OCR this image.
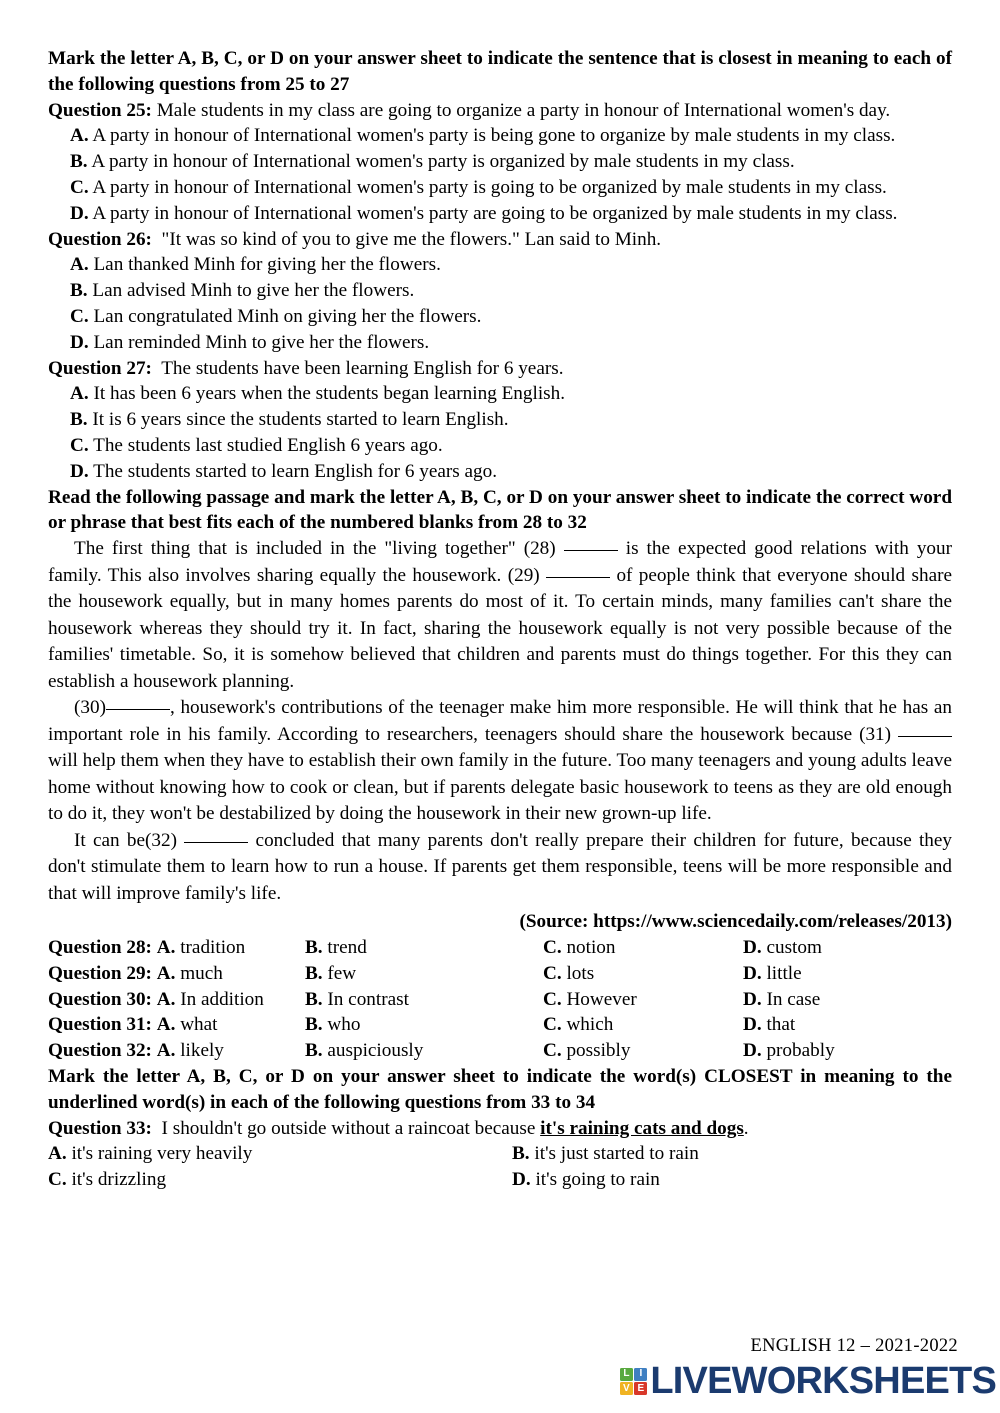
Mark the letter A, B, C, or D on your answer sheet to indicate the sentence that is closest in meaning to each of the following questions from 25 to 27

Question 25: Male students in my class are going to organize a party in honour of International women's day.

A. A party in honour of International women's party is being gone to organize by male students in my class.

B. A party in honour of International women's party is organized by male students in my class.

C. A party in honour of International women's party is going to be organized by male students in my class.

D. A party in honour of International women's party are going to be organized by male students in my class.

Question 26: "It was so kind of you to give me the flowers." Lan said to Minh.

A. Lan thanked Minh for giving her the flowers.

B. Lan advised Minh to give her the flowers.

C. Lan congratulated Minh on giving her the flowers.

D. Lan reminded Minh to give her the flowers.

Question 27: The students have been learning English for 6 years.

A. It has been 6 years when the students began learning English.

B. It is 6 years since the students started to learn English.

C. The students last studied English 6 years ago.

D. The students started to learn English for 6 years ago.

Read the following passage and mark the letter A, B, C, or D on your answer sheet to indicate the correct word or phrase that best fits each of the numbered blanks from 28 to 32

The first thing that is included in the "living together" (28)	is the expected good relations with your family. This also involves sharing equally the housework. (29)	of people think that everyone should share the housework equally, but in many homes parents do most of it. To certain minds, many families can't share the housework whereas they should try it. In fact, sharing the housework equally is not very possible because of the families' timetable. So, it is somehow believed that children and parents must do things together. For this they can establish a housework planning.

(30)	, housework's contributions of the teenager make him more responsible. He will think that he has an important role in his family. According to researchers, teenagers should share the housework because (31)  will help them when they have to establish their own family in the future. Too many teenagers and young adults leave home without knowing how to cook or clean, but if parents delegate basic housework to teens as they are old enough to do it, they won't be destabilized by doing the housework in their new grown-up life.

It can be(32)	concluded that many parents don't really prepare their children for future, because they don't stimulate them to learn how to run a house. If parents get them responsible, teens will be more responsible and that will improve family's life.

(Source: https://www.sciencedaily.com/releases/2013)

Question 28: A. tradition	B. trend	C. notion	D. custom
Question 29: A. much	B. few	C. lots	D. little
Question 30: A. In addition	B. In contrast	C. However	D. In case
Question 31: A. what	B. who	C. which	D. that
Question 32: A. likely	B. auspiciously	C. possibly	D. probably

Mark the letter A, B, C, or D on your answer sheet to indicate the word(s) CLOSEST in meaning to the underlined word(s) in each of the following questions from 33 to 34

Question 33: I shouldn't go outside without a raincoat because it's raining cats and dogs.

A. it's raining very heavily	B. it's just started to rain
C. it's drizzling	D. it's going to rain
ENGLISH 12 – 2021-2022
L	I
V E LIVEWORKSHEETS
